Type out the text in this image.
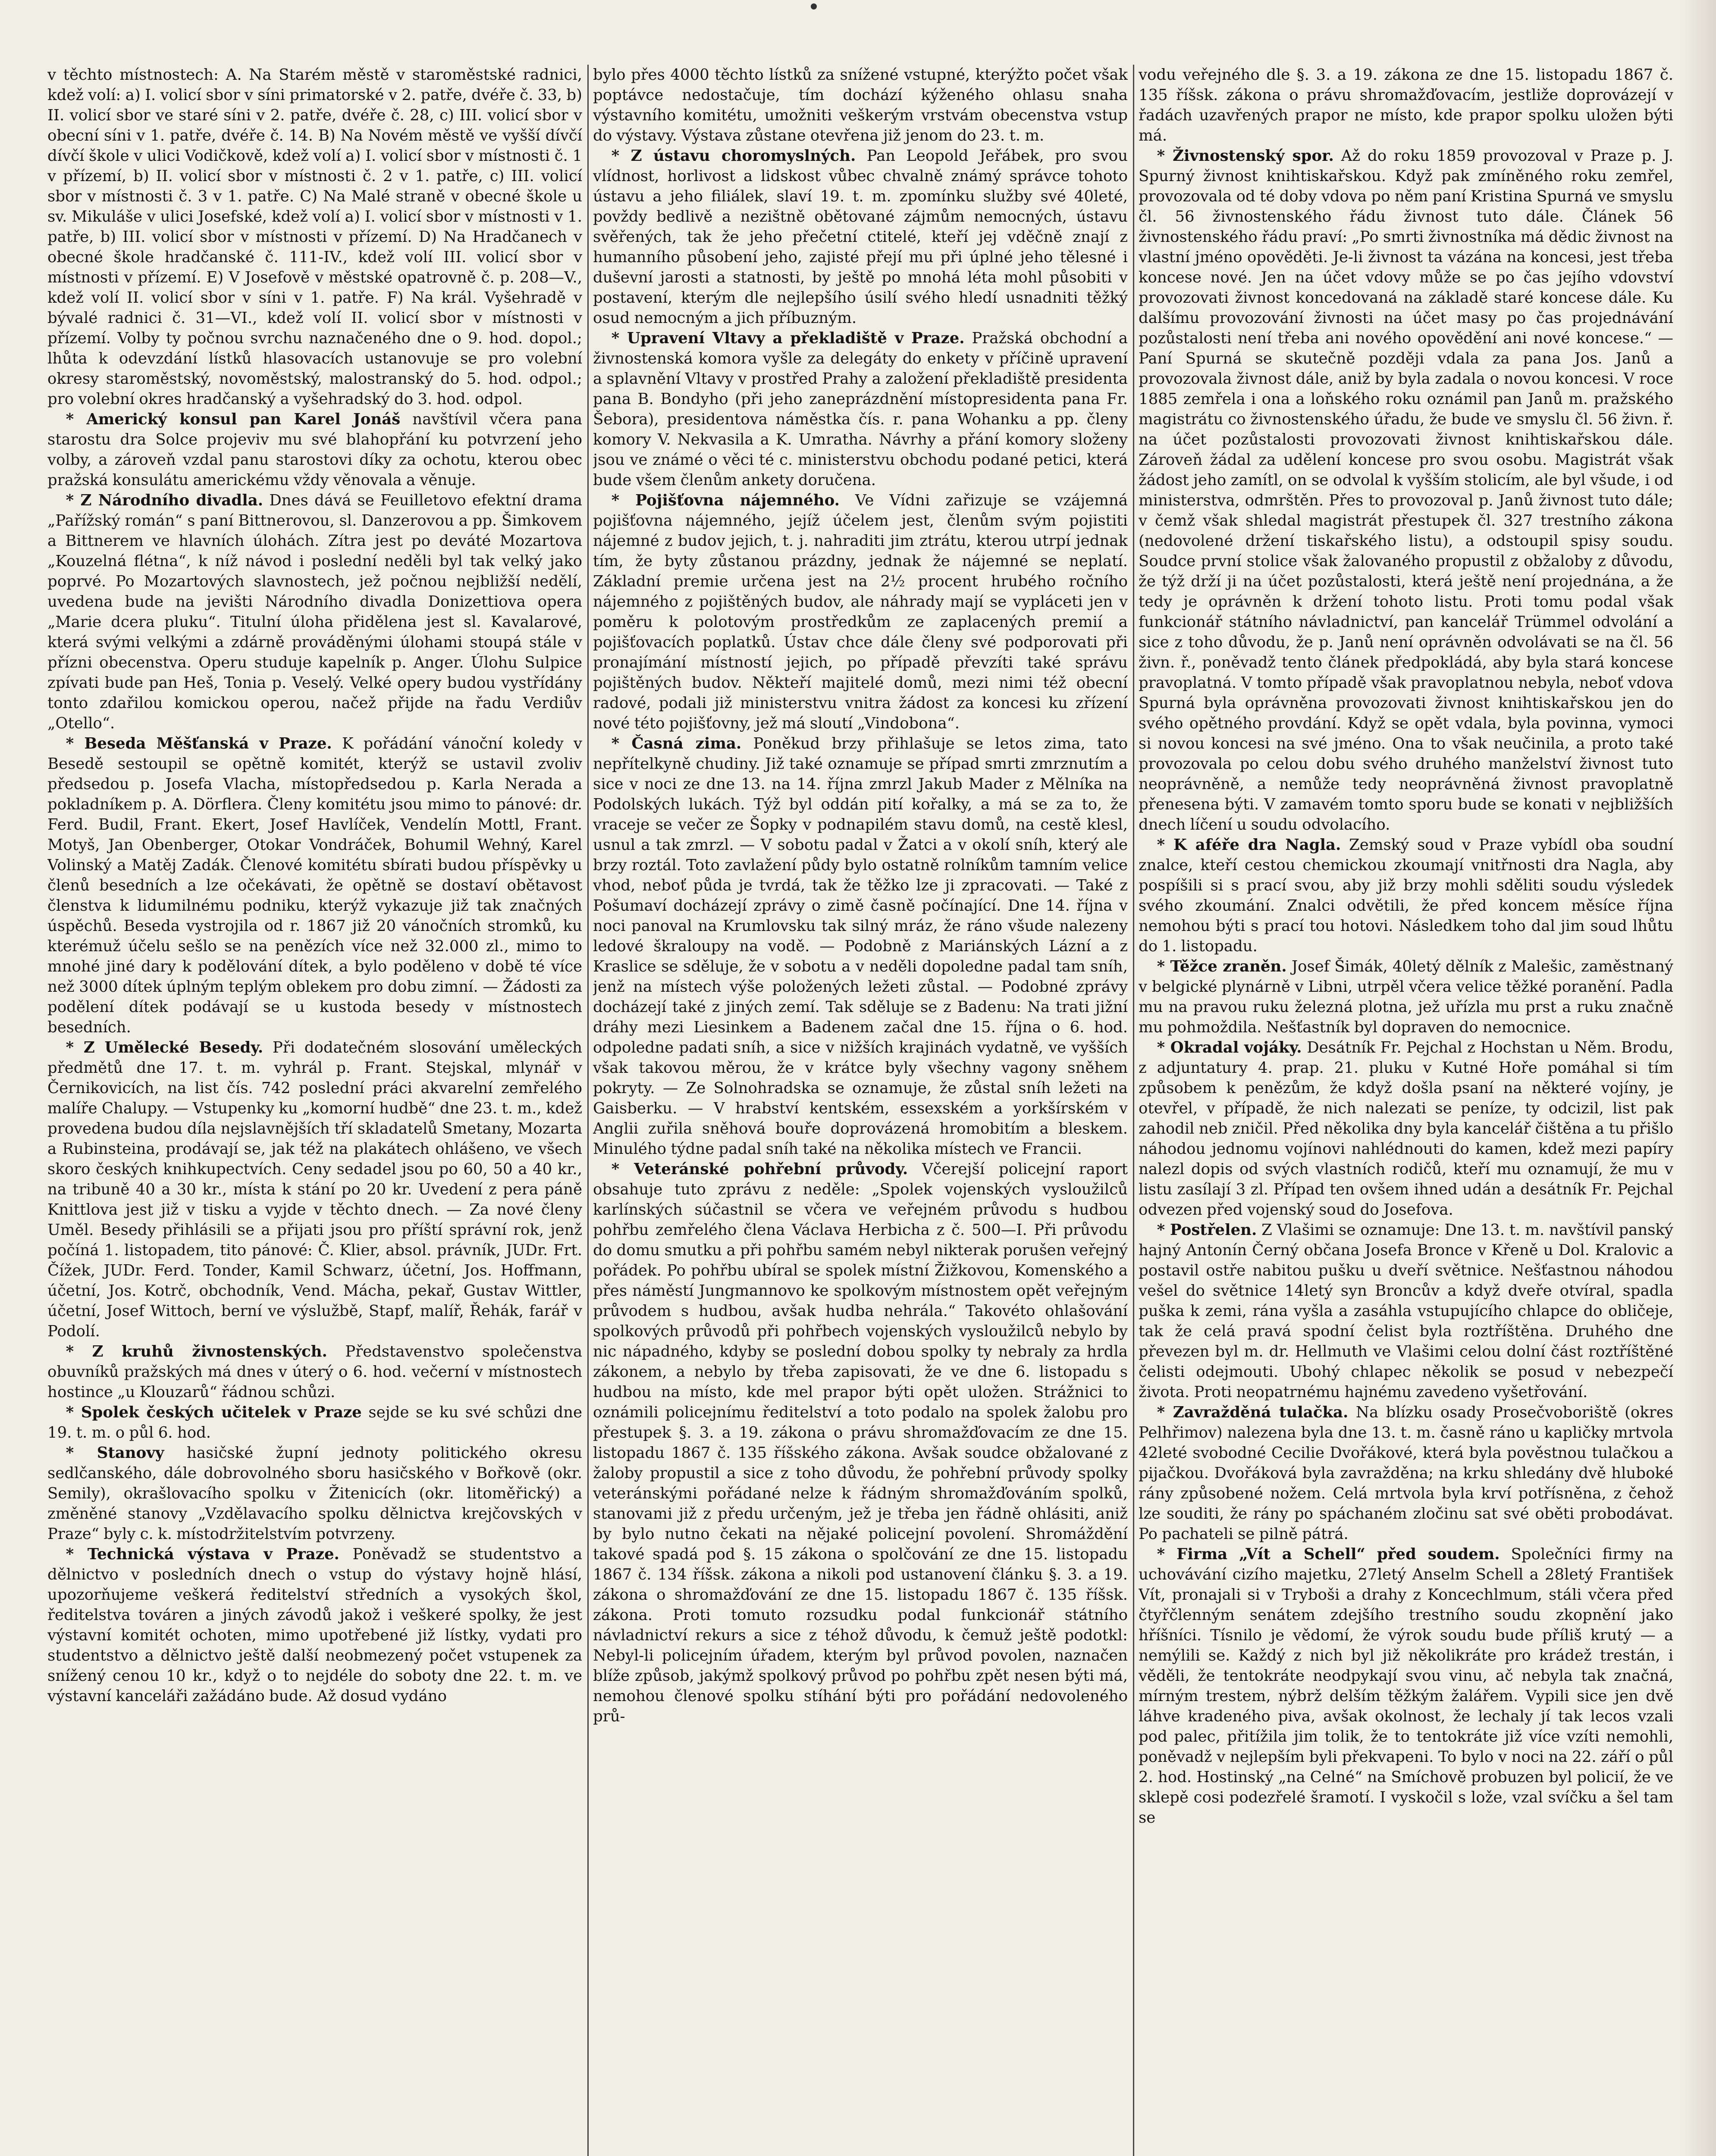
v těchto místnostech: A. Na Starém městě v staroměstské radnici, kdež volí: a) I. volicí sbor v síni primatorské v 2. patře, dvéře č. 33, b) II. volicí sbor ve staré síni v 2. patře, dvéře č. 28, c) III. volicí sbor v obecní síni v 1. patře, dvéře č. 14. B) Na Novém městě ve vyšší dívčí dívčí škole v ulici Vodičkově, kdež volí a) I. volicí sbor v místnosti č. 1 v přízemí, b) II. volicí sbor v místnosti č. 2 v 1. patře, c) III. volicí sbor v místnosti č. 3 v 1. patře. C) Na Malé straně v obecné škole u sv. Mikuláše v ulici Josefské, kdež volí a) I. volicí sbor v místnosti v 1. patře, b) III. volicí sbor v místnosti v přízemí. D) Na Hradčanech v obecné škole hradčanské č. 111-IV., kdež volí III. volicí sbor v místnosti v přízemí. E) V Josefově v městské opatrovně č. p. 208—V., kdež volí II. volicí sbor v síni v 1. patře. F) Na král. Vyšehradě v bývalé radnici č. 31—VI., kdež volí II. volicí sbor v místnosti v přízemí. Volby ty počnou svrchu naznačeného dne o 9. hod. dopol.; lhůta k odevzdání lístků hlasovacích ustanovuje se pro volební okresy staroměstský, novoměstský, malostranský do 5. hod. odpol.; pro volební okres hradčanský a vyšehradský do 3. hod. odpol.

* Americký konsul pan Karel Jonáš navštívil včera pana starostu dra Solce projeviv mu své blahopřání ku potvrzení jeho volby, a zároveň vzdal panu starostovi díky za ochotu, kterou obec pražská konsulátu americkému vždy věnovala a věnuje.

* Z Národního divadla. Dnes dává se Feuilletovo efektní drama „Pařížský román“ s paní Bittnerovou, sl. Danzerovou a pp. Šimkovem a Bittnerem ve hlavních úlohách. Zítra jest po deváté Mozartova „Kouzelná flétna“, k níž návod i poslední neděli byl tak velký jako poprvé. Po Mozartových slavnostech, jež počnou nejbližší nedělí, uvedena bude na jevišti Národního divadla Donizettiova opera „Marie dcera pluku“. Titulní úloha přidělena jest sl. Kavalarové, která svými velkými a zdárně prováděnými úlohami stoupá stále v přízni obecenstva. Operu studuje kapelník p. Anger. Úlohu Sulpice zpívati bude pan Heš, Tonia p. Veselý. Velké opery budou vystřídány tonto zdařilou komickou operou, načež přijde na řadu Verdiův „Otello“.

* Beseda Měšťanská v Praze. K pořádání vánoční koledy v Besedě sestoupil se opětně komitét, kterýž se ustavil zvoliv předsedou p. Josefa Vlacha, místopředsedou p. Karla Nerada a pokladníkem p. A. Dörflera. Členy komitétu jsou mimo to pánové: dr. Ferd. Budil, Frant. Ekert, Josef Havlíček, Vendelín Mottl, Frant. Motyš, Jan Obenberger, Otokar Vondráček, Bohumil Wehný, Karel Volinský a Matěj Zadák. Členové komitétu sbírati budou příspěvky u členů besedních a lze očekávati, že opětně se dostaví obětavost členstva k lidumilnému podniku, kterýž vykazuje již tak značných úspěchů. Beseda vystrojila od r. 1867 již 20 vánočních stromků, ku kterémuž účelu sešlo se na penězích více než 32.000 zl., mimo to mnohé jiné dary k podělování dítek, a bylo poděleno v době té více než 3000 dítek úplným teplým oblekem pro dobu zimní. — Žádosti za podělení dítek podávají se u kustoda besedy v místnostech besedních.

* Z Umělecké Besedy. Při dodatečném slosování uměleckých předmětů dne 17. t. m. vyhrál p. Frant. Stejskal, mlynář v Černikovicích, na list čís. 742 poslední práci akvarelní zemřelého malíře Chalupy. — Vstupenky ku „komorní hudbě“ dne 23. t. m., kdež provedena budou díla nejslavnějších tří skladatelů Smetany, Mozarta a Rubinsteina, prodávají se, jak též na plakátech ohlášeno, ve všech skoro českých knihkupectvích. Ceny sedadel jsou po 60, 50 a 40 kr., na tribuně 40 a 30 kr., místa k stání po 20 kr. Uvedení z pera páně Knittlova jest již v tisku a vyjde v těchto dnech. — Za nové členy Uměl. Besedy přihlásili se a přijati jsou pro příští správní rok, jenž počíná 1. listopadem, tito pánové: Č. Klier, absol. právník, JUDr. Frt. Čížek, JUDr. Ferd. Tonder, Kamil Schwarz, účetní, Jos. Hoffmann, účetní, Jos. Kotrč, obchodník, Vend. Mácha, pekař, Gustav Wittler, účetní, Josef Wittoch, berní ve výslužbě, Stapf, malíř, Řehák, farář v Podolí.

* Z kruhů živnostenských. Představenstvo společenstva obuvníků pražských má dnes v úterý o 6. hod. večerní v místnostech hostince „u Klouzarů“ řádnou schůzi.

* Spolek českých učitelek v Praze sejde se ku své schůzi dne 19. t. m. o půl 6. hod.

* Stanovy hasičské župní jednoty politického okresu sedlčanského, dále dobrovolného sboru hasičského v Bořkově (okr. Semily), okrašlovacího spolku v Žitenicích (okr. litoměřický) a změněné stanovy „Vzdělavacího spolku dělnictva krejčovských v Praze“ byly c. k. místodržitelstvím potvrzeny.

* Technická výstava v Praze. Poněvadž se studentstvo a dělnictvo v posledních dnech o vstup do výstavy hojně hlásí, upozorňujeme veškerá ředitelství středních a vysokých škol, ředitelstva továren a jiných závodů jakož i veškeré spolky, že jest výstavní komitét ochoten, mimo upotřebené již lístky, vydati pro studentstvo a dělnictvo ještě další neobmezený počet vstupenek za snížený cenou 10 kr., když o to nejdéle do soboty dne 22. t. m. ve výstavní kanceláři zažádáno bude. Až dosud vydáno

bylo přes 4000 těchto lístků za snížené vstupné, kterýžto počet však poptávce nedostačuje, tím dochází kýženého ohlasu snaha výstavního komitétu, umožniti veškerým vrstvám obecenstva vstup do výstavy. Výstava zůstane otevřena již jenom do 23. t. m.

* Z ústavu choromyslných. Pan Leopold Jeřábek, pro svou vlídnost, horlivost a lidskost vůbec chvalně známý správce tohoto ústavu a jeho filiálek, slaví 19. t. m. zpomínku služby své 40leté, povždy bedlivě a nezištně obětované zájmům nemocných, ústavu svěřených, tak že jeho přečetní ctitelé, kteří jej vděčně znají z humanního působení jeho, zajisté přejí mu při úplné jeho tělesné i duševní jarosti a statnosti, by ještě po mnohá léta mohl působiti v postavení, kterým dle nejlepšího úsilí svého hledí usnadniti těžký osud nemocným a jich příbuzným.

* Upravení Vltavy a překladiště v Praze. Pražská obchodní a živnostenská komora vyšle za delegáty do enkety v příčině upravení a splavnění Vltavy v prostřed Prahy a založení překladiště presidenta pana B. Bondyho (při jeho zaneprázdnění místopresidenta pana Fr. Šebora), presidentova náměstka čís. r. pana Wohanku a pp. členy komory V. Nekvasila a K. Umratha. Návrhy a přání komory složeny jsou ve známé o věci té c. ministerstvu obchodu podané petici, která bude všem členům ankety doručena.

* Pojišťovna nájemného. Ve Vídni zařizuje se vzájemná pojišťovna nájemného, jejíž účelem jest, členům svým pojistiti nájemné z budov jejich, t. j. nahraditi jim ztrátu, kterou utrpí jednak tím, že byty zůstanou prázdny, jednak že nájemné se neplatí. Základní premie určena jest na 2½ procent hrubého ročního nájemného z pojištěných budov, ale náhrady mají se vypláceti jen v poměru k polotovým prostředkům ze zaplacených premií a pojišťovacích poplatků. Ústav chce dále členy své podporovati při pronajímání místností jejich, po případě převzíti také správu pojištěných budov. Někteří majitelé domů, mezi nimi též obecní radové, podali již ministerstvu vnitra žádost za koncesi ku zřízení nové této pojišťovny, jež má sloutí „Vindobona“.

* Časná zima. Poněkud brzy přihlašuje se letos zima, tato nepřítelkyně chudiny. Již také oznamuje se případ smrti zmrznutím a sice v noci ze dne 13. na 14. října zmrzl Jakub Mader z Mělníka na Podolských lukách. Týž byl oddán pití kořalky, a má se za to, že vraceje se večer ze Šopky v podnapilém stavu domů, na cestě klesl, usnul a tak zmrzl. — V sobotu padal v Žatci a v okolí sníh, který ale brzy roztál. Toto zavlažení půdy bylo ostatně rolníkům tamním velice vhod, neboť půda je tvrdá, tak že těžko lze ji zpracovati. — Také z Pošumaví docházejí zprávy o zimě časně počínající. Dne 14. října v noci panoval na Krumlovsku tak silný mráz, že ráno všude nalezeny ledové škraloupy na vodě. — Podobně z Mariánských Lázní a z Kraslice se sděluje, že v sobotu a v neděli dopoledne padal tam sníh, jenž na místech výše položených ležeti zůstal. — Podobné zprávy docházejí také z jiných zemí. Tak sděluje se z Badenu: Na trati jižní dráhy mezi Liesinkem a Badenem začal dne 15. října o 6. hod. odpoledne padati sníh, a sice v nižších krajinách vydatně, ve vyšších však takovou měrou, že v krátce byly všechny vagony sněhem pokryty. — Ze Solnohradska se oznamuje, že zůstal sníh ležeti na Gaisberku. — V hrabství kentském, essexském a yorkšírském v Anglii zuřila sněhová bouře doprovázená hromobitím a bleskem. Minulého týdne padal sníh také na několika místech ve Francii.

* Veteránské pohřební průvody. Včerejší policejní raport obsahuje tuto zprávu z neděle: „Spolek vojenských vysloužilců karlínských súčastnil se včera ve veřejném průvodu s hudbou pohřbu zemřelého člena Václava Herbicha z č. 500—I. Při průvodu do domu smutku a při pohřbu samém nebyl nikterak porušen veřejný pořádek. Po pohřbu ubíral se spolek místní Žižkovou, Komenského a přes náměstí Jungmannovo ke spolkovým místnostem opět veřejným průvodem s hudbou, avšak hudba nehrála.“ Takovéto ohlašování spolkových průvodů při pohřbech vojenských vysloužilců nebylo by nic nápadného, kdyby se poslední dobou spolky ty nebraly za hrdla zákonem, a nebylo by třeba zapisovati, že ve dne 6. listopadu s hudbou na místo, kde mel prapor býti opět uložen. Strážnici to oznámili policejnímu ředitelství a toto podalo na spolek žalobu pro přestupek §. 3. a 19. zákona o právu shromažďovacím ze dne 15. listopadu 1867 č. 135 říšského zákona. Avšak soudce obžalované z žaloby propustil a sice z toho důvodu, že pohřební průvody spolky veteránskými pořádané nelze k řádným shromažďováním spolků, stanovami již z předu určeným, jež je třeba jen řádně ohlásiti, aniž by bylo nutno čekati na nějaké policejní povolení. Shromáždění takové spadá pod §. 15 zákona o spolčování ze dne 15. listopadu 1867 č. 134 říšsk. zákona a nikoli pod ustanovení článku §. 3. a 19. zákona o shromažďování ze dne 15. listopadu 1867 č. 135 říšsk. zákona. Proti tomuto rozsudku podal funkcionář státního návladnictví rekurs a sice z téhož důvodu, k čemuž ještě podotkl: Nebyl-li policejním úřadem, kterým byl průvod povolen, naznačen blíže způsob, jakýmž spolkový průvod po pohřbu zpět nesen býti má, nemohou členové spolku stíhání býti pro pořádání nedovoleného prů-

vodu veřejného dle §. 3. a 19. zákona ze dne 15. listopadu 1867 č. 135 říšsk. zákona o právu shromažďovacím, jestliže doprovázejí v řadách uzavřených prapor ne místo, kde prapor spolku uložen býti má.

* Živnostenský spor. Až do roku 1859 provozoval v Praze p. J. Spurný živnost knihtiskařskou. Když pak zmíněného roku zemřel, provozovala od té doby vdova po něm paní Kristina Spurná ve smyslu čl. 56 živnostenského řádu živnost tuto dále. Článek 56 živnostenského řádu praví: „Po smrti živnostníka má dědic živnost na vlastní jméno opověděti. Je-li živnost ta vázána na koncesi, jest třeba koncese nové. Jen na účet vdovy může se po čas jejího vdovství provozovati živnost koncedovaná na základě staré koncese dále. Ku dalšímu provozování živnosti na účet masy po čas projednávání pozůstalosti není třeba ani nového opovědění ani nové koncese.“ — Paní Spurná se skutečně později vdala za pana Jos. Janů a provozovala živnost dále, aniž by byla zadala o novou koncesi. V roce 1885 zemřela i ona a loňského roku oznámil pan Janů m. pražského magistrátu co živnostenského úřadu, že bude ve smyslu čl. 56 živn. ř. na účet pozůstalosti provozovati živnost knihtiskařskou dále. Zároveň žádal za udělení koncese pro svou osobu. Magistrát však žádost jeho zamítl, on se odvolal k vyšším stolicím, ale byl všude, i od ministerstva, odmrštěn. Přes to provozoval p. Janů živnost tuto dále; v čemž však shledal magistrát přestupek čl. 327 trestního zákona (nedovolené držení tiskařského listu), a odstoupil spisy soudu. Soudce první stolice však žalovaného propustil z obžaloby z důvodu, že týž drží ji na účet pozůstalosti, která ještě není projednána, a že tedy je oprávněn k držení tohoto listu. Proti tomu podal však funkcionář státního návladnictví, pan kancelář Trümmel odvolání a sice z toho důvodu, že p. Janů není oprávněn odvolávati se na čl. 56 živn. ř., poněvadž tento článek předpokládá, aby byla stará koncese pravoplatná. V tomto případě však pravoplatnou nebyla, neboť vdova Spurná byla oprávněna provozovati živnost knihtiskařskou jen do svého opětného provdání. Když se opět vdala, byla povinna, vymoci si novou koncesi na své jméno. Ona to však neučinila, a proto také provozovala po celou dobu svého druhého manželství živnost tuto neoprávněně, a nemůže tedy neoprávněná živnost pravoplatně přenesena býti. V zamavém tomto sporu bude se konati v nejbližších dnech líčení u soudu odvolacího.

* K aféře dra Nagla. Zemský soud v Praze vybídl oba soudní znalce, kteří cestou chemickou zkoumají vnitřnosti dra Nagla, aby pospíšili si s prací svou, aby již brzy mohli sděliti soudu výsledek svého zkoumání. Znalci odvětili, že před koncem měsíce října nemohou býti s prací tou hotovi. Následkem toho dal jim soud lhůtu do 1. listopadu.

* Těžce zraněn. Josef Šimák, 40letý dělník z Malešic, zaměstnaný v belgické plynárně v Libni, utrpěl včera velice těžké poranění. Padla mu na pravou ruku železná plotna, jež uřízla mu prst a ruku značně mu pohmoždila. Nešťastník byl dopraven do nemocnice.

* Okradal vojáky. Desátník Fr. Pejchal z Hochstan u Něm. Brodu, z adjuntatury 4. prap. 21. pluku v Kutné Hoře pomáhal si tím způsobem k penězům, že když došla psaní na některé vojíny, je otevřel, v případě, že nich nalezati se peníze, ty odcizil, list pak zahodil neb zničil. Před několika dny byla kancelář čištěna a tu přišlo náhodou jednomu vojínovi nahlédnouti do kamen, kdež mezi papíry nalezl dopis od svých vlastních rodičů, kteří mu oznamují, že mu v listu zasílají 3 zl. Případ ten ovšem ihned udán a desátník Fr. Pejchal odvezen před vojenský soud do Josefova.

* Postřelen. Z Vlašimi se oznamuje: Dne 13. t. m. navštívil panský hajný Antonín Černý občana Josefa Bronce v Křeně u Dol. Kralovic a postavil ostře nabitou pušku u dveří světnice. Nešťastnou náhodou vešel do světnice 14letý syn Broncův a když dveře otvíral, spadla puška k zemi, rána vyšla a zasáhla vstupujícího chlapce do obličeje, tak že celá pravá spodní čelist byla roztříštěna. Druhého dne převezen byl m. dr. Hellmuth ve Vlašimi celou dolní část roztříštěné čelisti odejmouti. Ubohý chlapec několik se posud v nebezpečí života. Proti neopatrnému hajnému zavedeno vyšetřování.

* Zavražděná tulačka. Na blízku osady Prosečvoboriště (okres Pelhřimov) nalezena byla dne 13. t. m. časně ráno u kapličky mrtvola 42leté svobodné Cecilie Dvořákové, která byla pověstnou tulačkou a pijačkou. Dvořáková byla zavražděna; na krku shledány dvě hluboké rány způsobené nožem. Celá mrtvola byla krví potřísněna, z čehož lze souditi, že rány po spáchaném zločinu sat své oběti probodávat. Po pachateli se pilně pátrá.

* Firma „Vít a Schell“ před soudem. Společníci firmy na uchovávání cizího majetku, 27letý Anselm Schell a 28letý František Vít, pronajali si v Tryboši a drahy z Koncechlmum, stáli včera před čtyřčlenným senátem zdejšího trestního soudu zkopnění jako hříšníci. Tísnilo je vědomí, že výrok soudu bude příliš krutý — a nemýlili se. Každý z nich byl již několikráte pro krádež trestán, i věděli, že tentokráte neodpykají svou vinu, ač nebyla tak značná, mírným trestem, nýbrž delším těžkým žalářem. Vypili sice jen dvě láhve kradeného piva, avšak okolnost, že lechaly jí tak lecos vzali pod palec, přitížila jim tolik, že to tentokráte již více vzíti nemohli, poněvadž v nejlepším byli překvapeni. To bylo v noci na 22. září o půl 2. hod. Hostinský „na Celné“ na Smíchově probuzen byl policií, že ve sklepě cosi podezřelé šramotí. I vyskočil s lože, vzal svíčku a šel tam se
